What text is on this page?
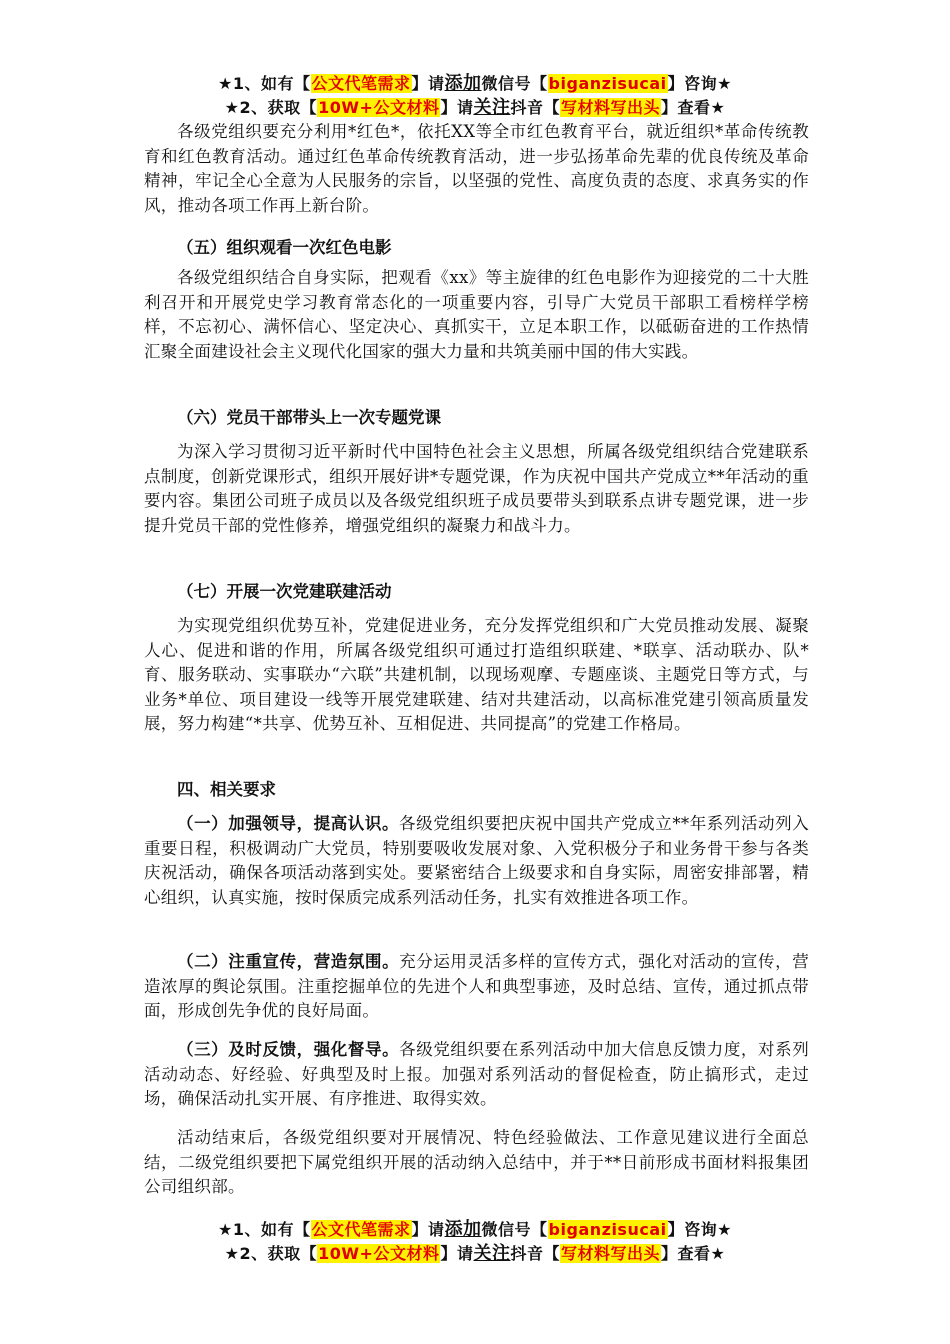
★1、如有【公文代笔需求】请添加微信号【biganzisucai】咨询★
★2、获取【10W+公文材料】请关注抖音【写材料写出头】查看★

各级党组织要充分利用*红色*，依托XX等全市红色教育平台，就近组织*革命传统教育和红色教育活动。通过红色革命传统教育活动，进一步弘扬革命先辈的优良传统及革命精神，牢记全心全意为人民服务的宗旨，以坚强的党性、高度负责的态度、求真务实的作风，推动各项工作再上新台阶。

（五）组织观看一次红色电影

各级党组织结合自身实际，把观看《xx》等主旋律的红色电影作为迎接党的二十大胜利召开和开展党史学习教育常态化的一项重要内容，引导广大党员干部职工看榜样学榜样，不忘初心、满怀信心、坚定决心、真抓实干，立足本职工作，以砥砺奋进的工作热情汇聚全面建设社会主义现代化国家的强大力量和共筑美丽中国的伟大实践。

（六）党员干部带头上一次专题党课

为深入学习贯彻习近平新时代中国特色社会主义思想，所属各级党组织结合党建联系点制度，创新党课形式，组织开展好讲*专题党课，作为庆祝中国共产党成立**年活动的重要内容。集团公司班子成员以及各级党组织班子成员要带头到联系点讲专题党课，进一步提升党员干部的党性修养，增强党组织的凝聚力和战斗力。

（七）开展一次党建联建活动

为实现党组织优势互补，党建促进业务，充分发挥党组织和广大党员推动发展、凝聚人心、促进和谐的作用，所属各级党组织可通过打造组织联建、*联享、活动联办、队*育、服务联动、实事联办“六联”共建机制，以现场观摩、专题座谈、主题党日等方式，与业务*单位、项目建设一线等开展党建联建、结对共建活动，以高标准党建引领高质量发展，努力构建“*共享、优势互补、互相促进、共同提高”的党建工作格局。

四、相关要求

（一）加强领导，提高认识。各级党组织要把庆祝中国共产党成立**年系列活动列入重要日程，积极调动广大党员，特别要吸收发展对象、入党积极分子和业务骨干参与各类庆祝活动，确保各项活动落到实处。要紧密结合上级要求和自身实际，周密安排部署，精心组织，认真实施，按时保质完成系列活动任务，扎实有效推进各项工作。

（二）注重宣传，营造氛围。充分运用灵活多样的宣传方式，强化对活动的宣传，营造浓厚的舆论氛围。注重挖掘单位的先进个人和典型事迹，及时总结、宣传，通过抓点带面，形成创先争优的良好局面。

（三）及时反馈，强化督导。各级党组织要在系列活动中加大信息反馈力度，对系列活动动态、好经验、好典型及时上报。加强对系列活动的督促检查，防止搞形式，走过场，确保活动扎实开展、有序推进、取得实效。

活动结束后，各级党组织要对开展情况、特色经验做法、工作意见建议进行全面总结，二级党组织要把下属党组织开展的活动纳入总结中，并于**日前形成书面材料报集团公司组织部。

★1、如有【公文代笔需求】请添加微信号【biganzisucai】咨询★
★2、获取【10W+公文材料】请关注抖音【写材料写出头】查看★
